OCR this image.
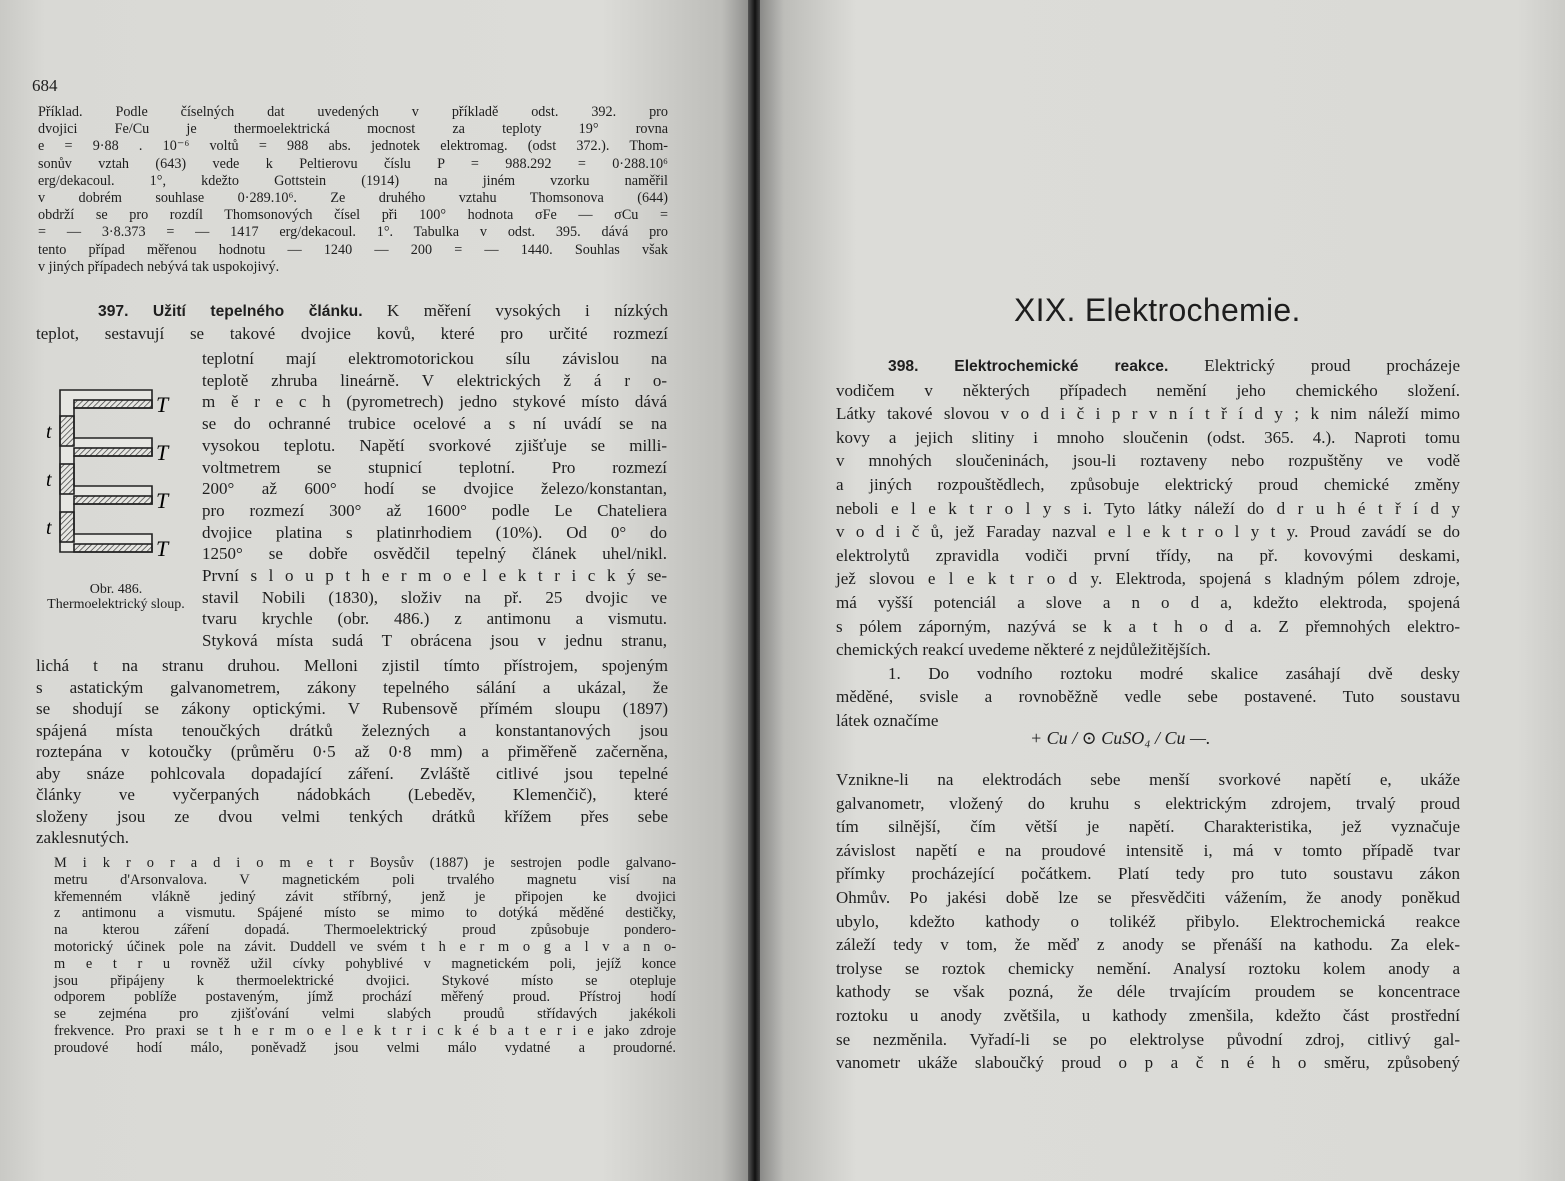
684
Příklad. Podle číselných dat uvedených v příkladě odst. 392. pro
dvojici Fe/Cu je thermoelektrická mocnost za teploty 19° rovna
e = 9·88 . 10⁻⁶ voltů = 988 abs. jednotek elektromag. (odst 372.). Thom-
sonův vztah (643) vede k Peltierovu číslu P = 988.292 = 0·288.10⁶
erg/dekacoul. 1°, kdežto Gottstein (1914) na jiném vzorku naměřil
v dobrém souhlase 0·289.10⁶. Ze druhého vztahu Thomsonova (644)
obdrží se pro rozdíl Thomsonových čísel při 100° hodnota σFe — σCu =
= — 3·8.373 = — 1417 erg/dekacoul. 1°. Tabulka v odst. 395. dává pro
tento případ měřenou hodnotu — 1240 — 200 = — 1440. Souhlas však
v jiných případech nebývá tak uspokojivý.
397. Užití tepelného článku. K měření vysokých i nízkých
teplot, sestavují se takové dvojice kovů, které pro určité rozmezí
T
T
T
T
t
t
t
Obr. 486.
Thermoelektrický sloup.
teplotní mají elektromotorickou sílu závislou na
teplotě zhruba lineárně. V elektrických ž á r o-
m ě r e c h (pyrometrech) jedno stykové místo dává
se do ochranné trubice ocelové a s ní uvádí se na
vysokou teplotu. Napětí svorkové zjišťuje se milli-
voltmetrem se stupnicí teplotní. Pro rozmezí
200° až 600° hodí se dvojice železo/konstantan,
pro rozmezí 300° až 1600° podle Le Chateliera
dvojice platina s platinrhodiem (10%). Od 0° do
1250° se dobře osvědčil tepelný článek uhel/nikl.
První s l o u p t h e r m o e l e k t r i c k ý se-
stavil Nobili (1830), složiv na př. 25 dvojic ve
tvaru krychle (obr. 486.) z antimonu a vismutu.
Styková místa sudá T obrácena jsou v jednu stranu,
lichá t na stranu druhou. Melloni zjistil tímto přístrojem, spojeným
s astatickým galvanometrem, zákony tepelného sálání a ukázal, že
se shodují se zákony optickými. V Rubensově přímém sloupu (1897)
spájená místa tenoučkých drátků železných a konstantanových jsou
roztepána v kotoučky (průměru 0·5 až 0·8 mm) a přiměřeně začerněna,
aby snáze pohlcovala dopadající záření. Zvláště citlivé jsou tepelné
články ve vyčerpaných nádobkách (Lebeděv, Klemenčič), které
složeny jsou ze dvou velmi tenkých drátků křížem přes sebe
zaklesnutých.
M i k r o r a d i o m e t r Boysův (1887) je sestrojen podle galvano-
metru d'Arsonvalova. V magnetickém poli trvalého magnetu visí na
křemenném vlákně jediný závit stříbrný, jenž je připojen ke dvojici
z antimonu a vismutu. Spájené místo se mimo to dotýká měděné destičky,
na kterou záření dopadá. Thermoelektrický proud způsobuje pondero-
motorický účinek pole na závit. Duddell ve svém t h e r m o g a l v a n o-
m e t r u rovněž užil cívky pohyblivé v magnetickém poli, jejíž konce
jsou připájeny k thermoelektrické dvojici. Stykové místo se otepluje
odporem poblíže postaveným, jímž prochází měřený proud. Přístroj hodí
se zejména pro zjišťování velmi slabých proudů střídavých jakékoli
frekvence. Pro praxi se t h e r m o e l e k t r i c k é b a t e r i e jako zdroje
proudové hodí málo, poněvadž jsou velmi málo vydatné a proudorné.
XIX. Elektrochemie.
398. Elektrochemické reakce. Elektrický proud procházeje
vodičem v některých případech nemění jeho chemického složení.
Látky takové slovou v o d i č i p r v n í t ř í d y ; k nim náleží mimo
kovy a jejich slitiny i mnoho sloučenin (odst. 365. 4.). Naproti tomu
v mnohých sloučeninách, jsou-li roztaveny nebo rozpuštěny ve vodě
a jiných rozpouštědlech, způsobuje elektrický proud chemické změny
neboli e l e k t r o l y s i. Tyto látky náleží do d r u h é t ř í d y
v o d i č ů, jež Faraday nazval e l e k t r o l y t y. Proud zavádí se do
elektrolytů zpravidla vodiči první třídy, na př. kovovými deskami,
jež slovou e l e k t r o d y. Elektroda, spojená s kladným pólem zdroje,
má vyšší potenciál a slove a n o d a, kdežto elektroda, spojená
s pólem záporným, nazývá se k a t h o d a. Z přemnohých elektro-
chemických reakcí uvedeme některé z nejdůležitějších.
1. Do vodního roztoku modré skalice zasáhají dvě desky
měděné, svisle a rovnoběžně vedle sebe postavené. Tuto soustavu
látek označíme
+ Cu / ⊙ CuSO₄ / Cu —.
Vznikne-li na elektrodách sebe menší svorkové napětí e, ukáže
galvanometr, vložený do kruhu s elektrickým zdrojem, trvalý proud
tím silnější, čím větší je napětí. Charakteristika, jež vyznačuje
závislost napětí e na proudové intensitě i, má v tomto případě tvar
přímky procházející počátkem. Platí tedy pro tuto soustavu zákon
Ohmův. Po jakési době lze se přesvědčiti vážením, že anody poněkud
ubylo, kdežto kathody o tolikéž přibylo. Elektrochemická reakce
záleží tedy v tom, že měď z anody se přenáší na kathodu. Za elek-
trolyse se roztok chemicky nemění. Analysí roztoku kolem anody a
kathody se však pozná, že déle trvajícím proudem se koncentrace
roztoku u anody zvětšila, u kathody zmenšila, kdežto část prostřední
se nezměnila. Vyřadí-li se po elektrolyse původní zdroj, citlivý gal-
vanometr ukáže slaboučký proud o p a č n é h o směru, způsobený
